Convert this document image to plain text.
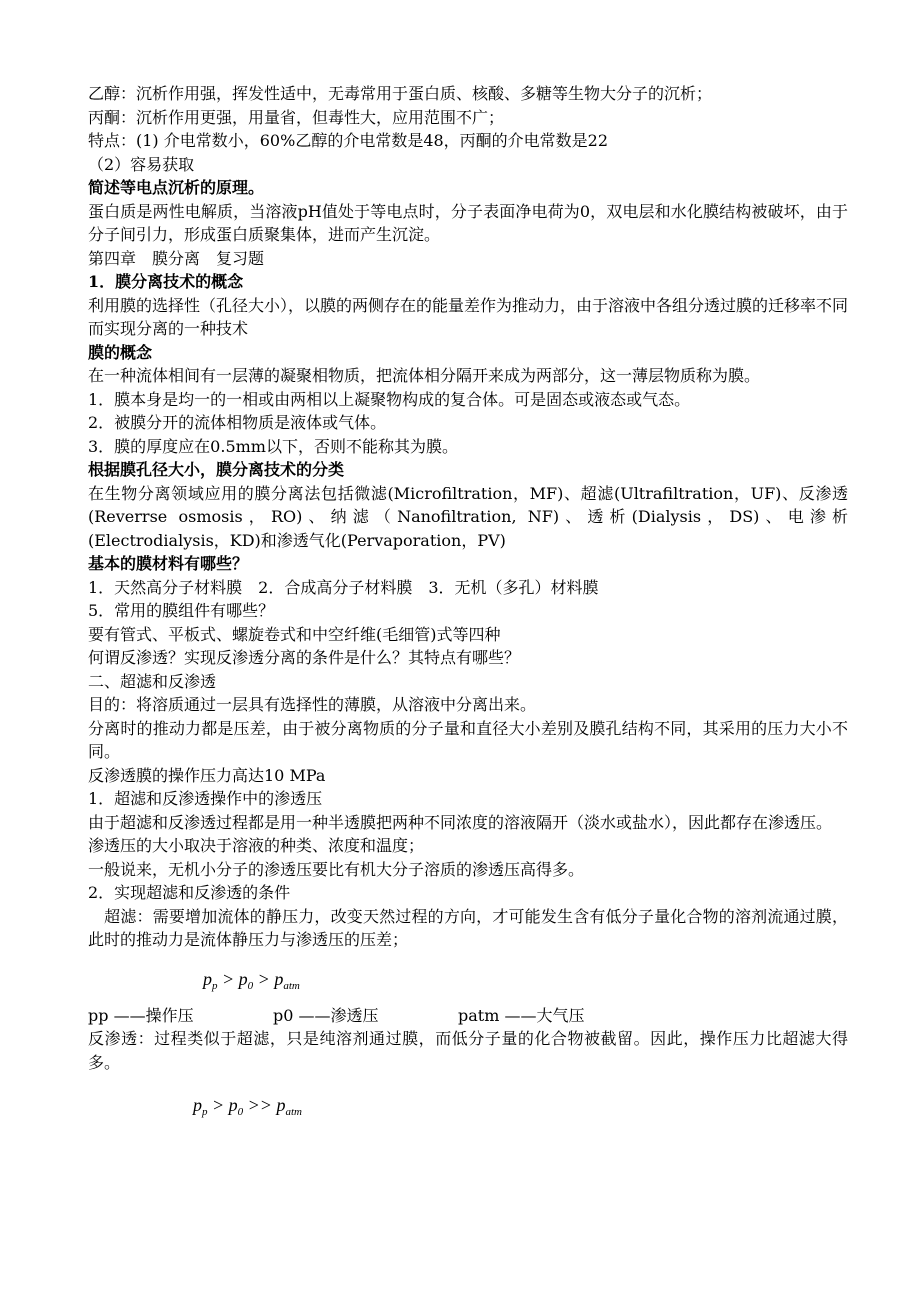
乙醇：沉析作用强，挥发性适中，无毒常用于蛋白质、核酸、多糖等生物大分子的沉析；
丙酮：沉析作用更强，用量省，但毒性大，应用范围不广；
特点：(1) 介电常数小，60%乙醇的介电常数是48，丙酮的介电常数是22
（2）容易获取
简述等电点沉析的原理。
蛋白质是两性电解质，当溶液pH值处于等电点时，分子表面净电荷为0，双电层和水化膜结构被破坏，由于分子间引力，形成蛋白质聚集体，进而产生沉淀。
第四章　膜分离　复习题
1．膜分离技术的概念
利用膜的选择性（孔径大小），以膜的两侧存在的能量差作为推动力，由于溶液中各组分透过膜的迁移率不同而实现分离的一种技术
膜的概念
在一种流体相间有一层薄的凝聚相物质，把流体相分隔开来成为两部分，这一薄层物质称为膜。
1．膜本身是均一的一相或由两相以上凝聚物构成的复合体。可是固态或液态或气态。
2．被膜分开的流体相物质是液体或气体。
3．膜的厚度应在0.5mm以下，否则不能称其为膜。
根据膜孔径大小，膜分离技术的分类
在生物分离领域应用的膜分离法包括微滤(Microfiltration，MF)、超滤(Ultrafiltration，UF)、反渗透(Reverrse osmosis，RO)、纳滤（Nanofiltration, NF)、透析(Dialysis，DS)、电渗析(Electrodialysis，KD)和渗透气化(Pervaporation，PV)
基本的膜材料有哪些？
1．天然高分子材料膜　2．合成高分子材料膜　3．无机（多孔）材料膜
5．常用的膜组件有哪些？
要有管式、平板式、螺旋卷式和中空纤维(毛细管)式等四种
何谓反渗透？实现反渗透分离的条件是什么？其特点有哪些？
二、超滤和反渗透
目的：将溶质通过一层具有选择性的薄膜，从溶液中分离出来。
分离时的推动力都是压差，由于被分离物质的分子量和直径大小差别及膜孔结构不同，其采用的压力大小不同。
反渗透膜的操作压力高达10 MPa
1．超滤和反渗透操作中的渗透压
由于超滤和反渗透过程都是用一种半透膜把两种不同浓度的溶液隔开（淡水或盐水），因此都存在渗透压。
渗透压的大小取决于溶液的种类、浓度和温度；
一般说来，无机小分子的渗透压要比有机大分子溶质的渗透压高得多。
2．实现超滤和反渗透的条件
　超滤：需要增加流体的静压力，改变天然过程的方向，才可能发生含有低分子量化合物的溶剂流通过膜，此时的推动力是流体静压力与渗透压的压差；
$p_p > p_0 > p_{atm}$
pp ——操作压	p0 ——渗透压	patm ——大气压
反渗透：过程类似于超滤，只是纯溶剂通过膜，而低分子量的化合物被截留。因此，操作压力比超滤大得多。
$p_p > p_0 >> p_{atm}$
